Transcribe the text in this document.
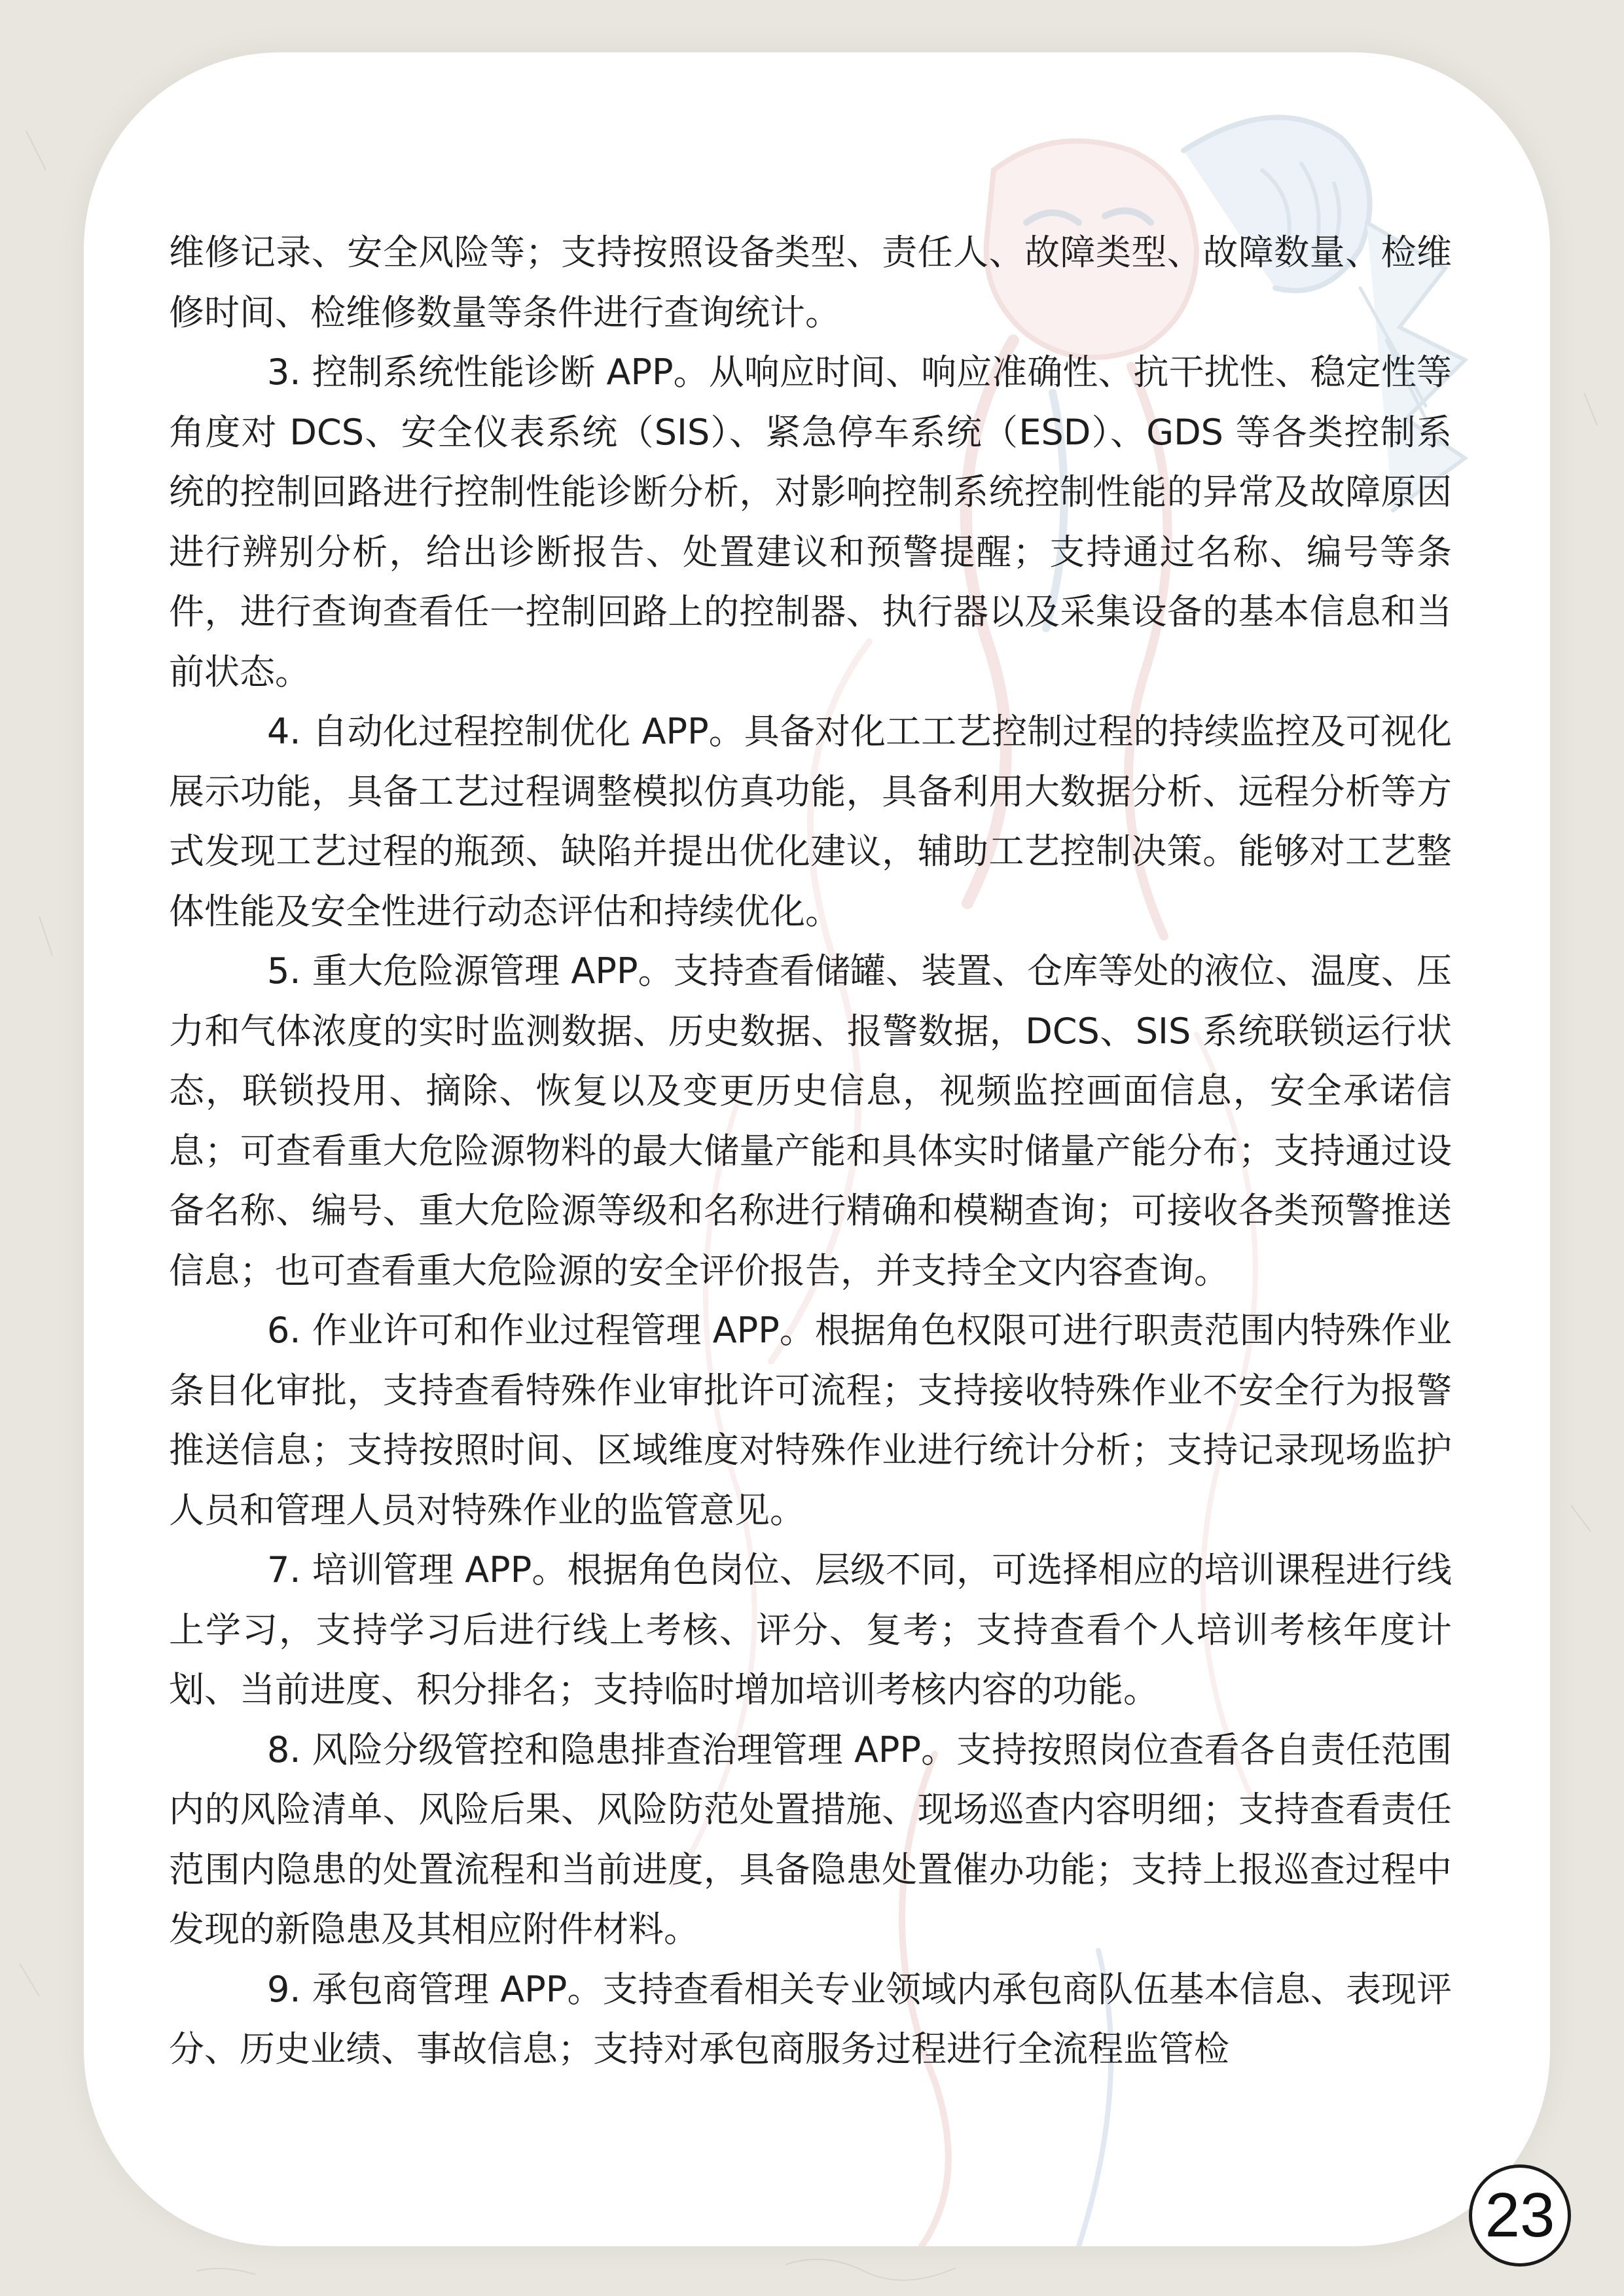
维修记录、安全风险等；支持按照设备类型、责任人、故障类型、故障数量、检维修时间、检维修数量等条件进行查询统计。

3. 控制系统性能诊断 APP。从响应时间、响应准确性、抗干扰性、稳定性等角度对 DCS、安全仪表系统（SIS）、紧急停车系统（ESD）、GDS 等各类控制系统的控制回路进行控制性能诊断分析，对影响控制系统控制性能的异常及故障原因进行辨别分析，给出诊断报告、处置建议和预警提醒；支持通过名称、编号等条件，进行查询查看任一控制回路上的控制器、执行器以及采集设备的基本信息和当前状态。

4. 自动化过程控制优化 APP。具备对化工工艺控制过程的持续监控及可视化展示功能，具备工艺过程调整模拟仿真功能，具备利用大数据分析、远程分析等方式发现工艺过程的瓶颈、缺陷并提出优化建议，辅助工艺控制决策。能够对工艺整体性能及安全性进行动态评估和持续优化。

5. 重大危险源管理 APP。支持查看储罐、装置、仓库等处的液位、温度、压力和气体浓度的实时监测数据、历史数据、报警数据，DCS、SIS 系统联锁运行状态，联锁投用、摘除、恢复以及变更历史信息，视频监控画面信息，安全承诺信息；可查看重大危险源物料的最大储量产能和具体实时储量产能分布；支持通过设备名称、编号、重大危险源等级和名称进行精确和模糊查询；可接收各类预警推送信息；也可查看重大危险源的安全评价报告，并支持全文内容查询。

6. 作业许可和作业过程管理 APP。根据角色权限可进行职责范围内特殊作业条目化审批，支持查看特殊作业审批许可流程；支持接收特殊作业不安全行为报警推送信息；支持按照时间、区域维度对特殊作业进行统计分析；支持记录现场监护人员和管理人员对特殊作业的监管意见。

7. 培训管理 APP。根据角色岗位、层级不同，可选择相应的培训课程进行线上学习，支持学习后进行线上考核、评分、复考；支持查看个人培训考核年度计划、当前进度、积分排名；支持临时增加培训考核内容的功能。

8. 风险分级管控和隐患排查治理管理 APP。支持按照岗位查看各自责任范围内的风险清单、风险后果、风险防范处置措施、现场巡查内容明细；支持查看责任范围内隐患的处置流程和当前进度，具备隐患处置催办功能；支持上报巡查过程中发现的新隐患及其相应附件材料。

9. 承包商管理 APP。支持查看相关专业领域内承包商队伍基本信息、表现评分、历史业绩、事故信息；支持对承包商服务过程进行全流程监管检

23
